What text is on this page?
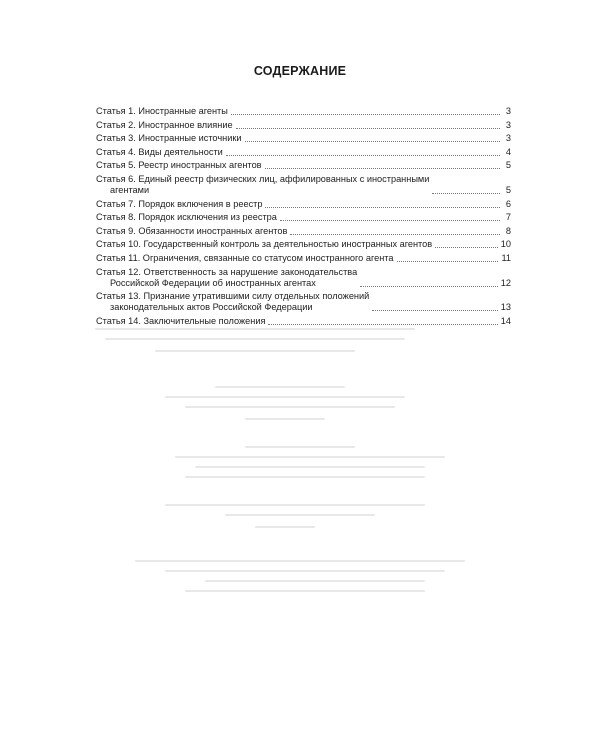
СОДЕРЖАНИЕ
Статья 1. Иностранные агенты	3
Статья 2. Иностранное влияние	3
Статья 3. Иностранные источники	3
Статья 4. Виды деятельности	4
Статья 5. Реестр иностранных агентов	5
Статья 6. Единый реестр физических лиц, аффилированных с иностранными
агентами	5
Статья 7. Порядок включения в реестр	6
Статья 8. Порядок исключения из реестра	7
Статья 9. Обязанности иностранных агентов	8
Статья 10. Государственный контроль за деятельностью иностранных агентов	10
Статья 11. Ограничения, связанные со статусом иностранного агента	11
Статья 12. Ответственность за нарушение законодательства
Российской Федерации об иностранных агентах	12
Статья 13. Признание утратившими силу отдельных положений
законодательных актов Российской Федерации	13
Статья 14. Заключительные положения	14
